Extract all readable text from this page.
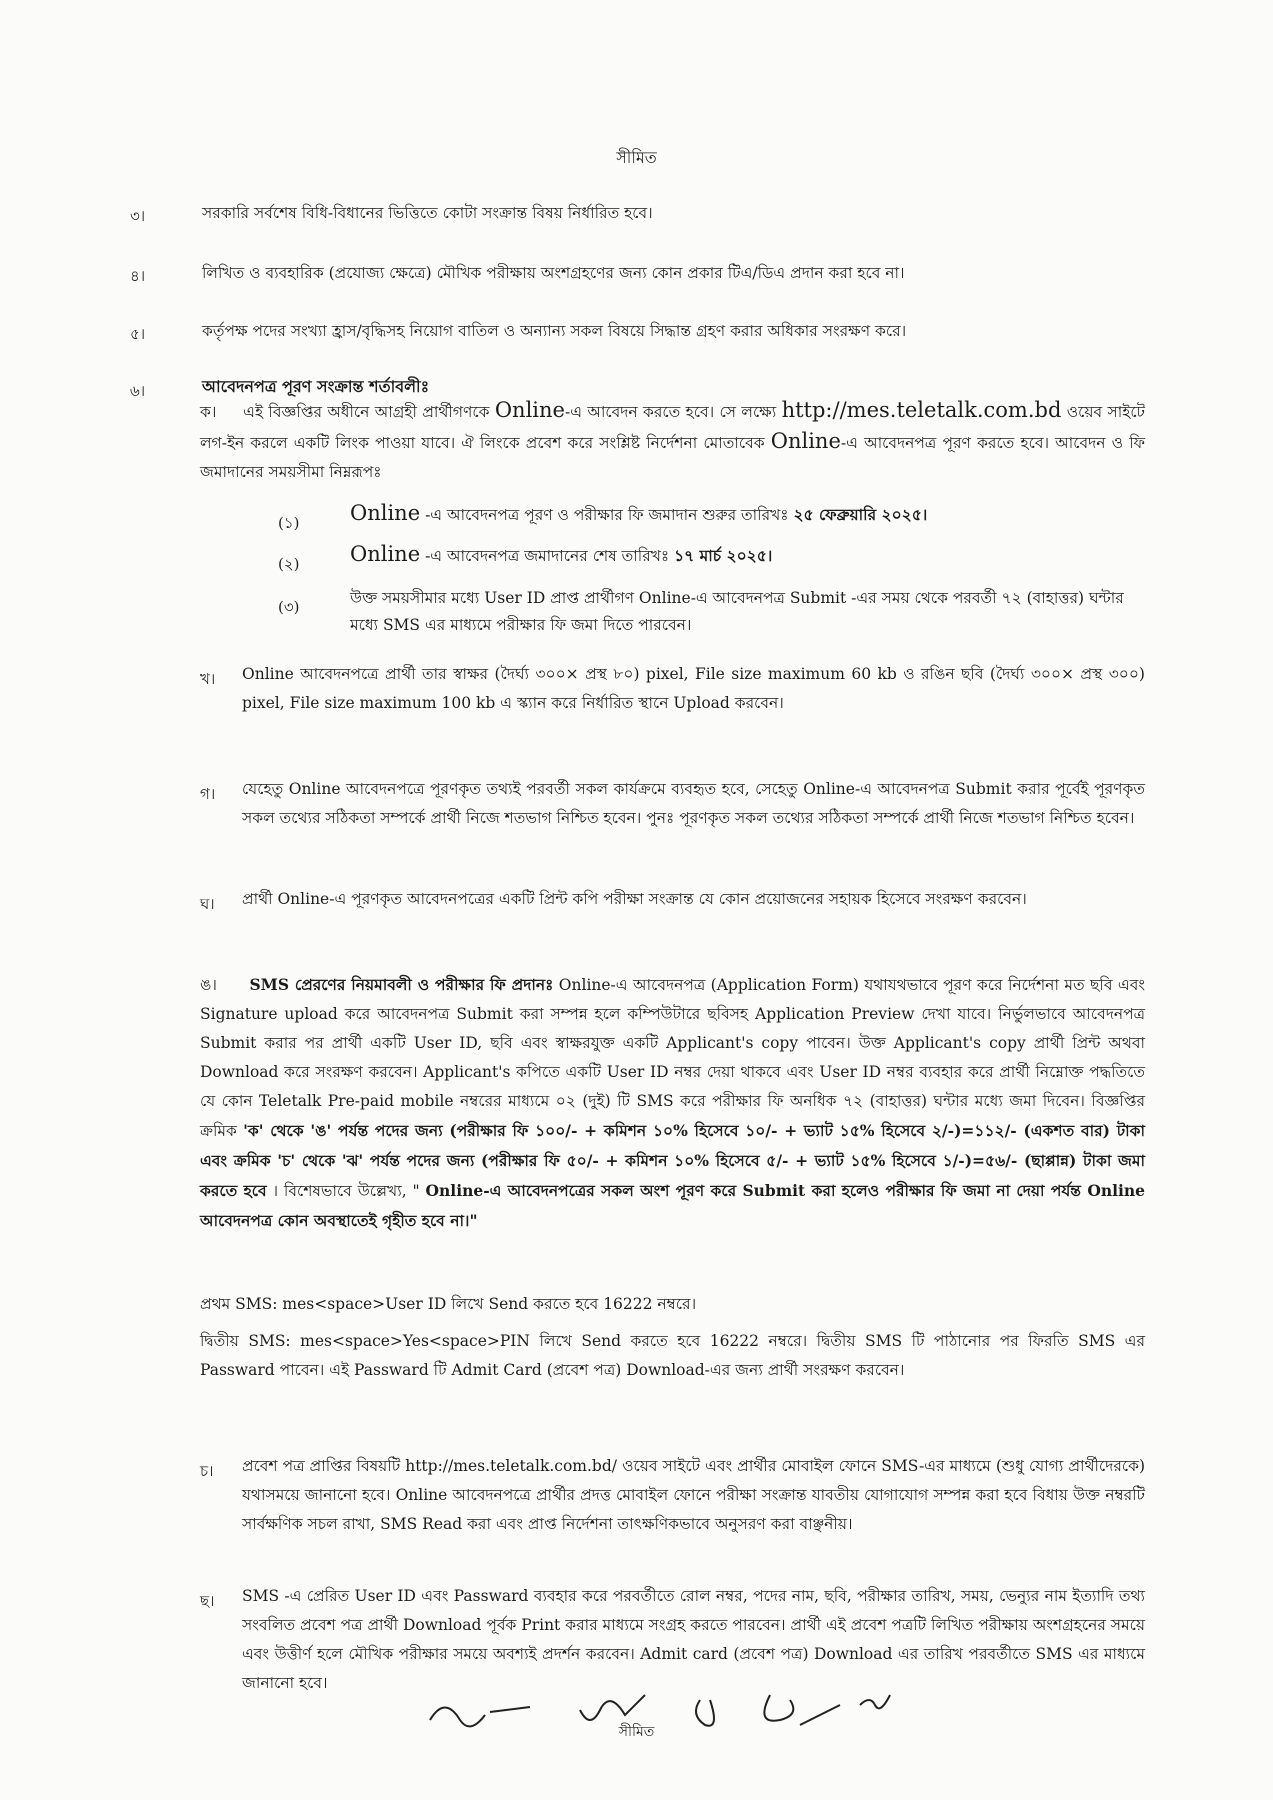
সীমিত
৩।	সরকারি সর্বশেষ বিধি-বিধানের ভিত্তিতে কোটা সংক্রান্ত বিষয় নির্ধারিত হবে।
৪।	লিখিত ও ব্যবহারিক (প্রযোজ্য ক্ষেত্রে) মৌখিক পরীক্ষায় অংশগ্রহণের জন্য কোন প্রকার টিএ/ডিএ প্রদান করা হবে না।
৫।	কর্তৃপক্ষ পদের সংখ্যা হ্রাস/বৃদ্ধিসহ নিয়োগ বাতিল ও অন্যান্য সকল বিষয়ে সিদ্ধান্ত গ্রহণ করার অধিকার সংরক্ষণ করে।
৬।	আবেদনপত্র পূরণ সংক্রান্ত শর্তাবলীঃ
ক। এই বিজ্ঞপ্তির অধীনে আগ্রহী প্রার্থীগণকে Online-এ আবেদন করতে হবে। সে লক্ষ্যে http://mes.teletalk.com.bd ওয়েব সাইটে লগ-ইন করলে একটি লিংক পাওয়া যাবে। ঐ লিংকে প্রবেশ করে সংশ্লিষ্ট নির্দেশনা মোতাবেক Online-এ আবেদনপত্র পূরণ করতে হবে। আবেদন ও ফি জমাদানের সময়সীমা নিম্নরূপঃ
(১) Online -এ আবেদনপত্র পূরণ ও পরীক্ষার ফি জমাদান শুরুর তারিখঃ ২৫ ফেব্রুয়ারি ২০২৫।
(২) Online -এ আবেদনপত্র জমাদানের শেষ তারিখঃ ১৭ মার্চ ২০২৫।
(৩)	উক্ত সময়সীমার মধ্যে User ID প্রাপ্ত প্রার্থীগণ Online-এ আবেদনপত্র Submit -এর সময় থেকে পরবর্তী ৭২ (বাহাত্তর) ঘন্টার মধ্যে SMS এর মাধ্যমে পরীক্ষার ফি জমা দিতে পারবেন।
খ। Online আবেদনপত্রে প্রার্থী তার স্বাক্ষর (দৈর্ঘ্য ৩০০× প্রস্থ ৮০) pixel, File size maximum 60 kb ও রঙিন ছবি (দৈর্ঘ্য ৩০০× প্রস্থ ৩০০) pixel, File size maximum 100 kb এ স্ক্যান করে নির্ধারিত স্থানে Upload করবেন।
গ। যেহেতু Online আবেদনপত্রে পূরণকৃত তথ্যই পরবর্তী সকল কার্যক্রমে ব্যবহৃত হবে, সেহেতু Online-এ আবেদনপত্র Submit করার পূর্বেই পূরণকৃত সকল তথ্যের সঠিকতা সম্পর্কে প্রার্থী নিজে শতভাগ নিশ্চিত হবেন। পুনঃ পূরণকৃত সকল তথ্যের সঠিকতা সম্পর্কে প্রার্থী নিজে শতভাগ নিশ্চিত হবেন।
ঘ। প্রার্থী Online-এ পূরণকৃত আবেদনপত্রের একটি প্রিন্ট কপি পরীক্ষা সংক্রান্ত যে কোন প্রয়োজনের সহায়ক হিসেবে সংরক্ষণ করবেন।
ঙ। SMS প্রেরণের নিয়মাবলী ও পরীক্ষার ফি প্রদানঃ Online-এ আবেদনপত্র (Application Form) যথাযথভাবে পূরণ করে নির্দেশনা মত ছবি এবং Signature upload করে আবেদনপত্র Submit করা সম্পন্ন হলে কম্পিউটারে ছবিসহ Application Preview দেখা যাবে। নির্ভুলভাবে আবেদনপত্র Submit করার পর প্রার্থী একটি User ID, ছবি এবং স্বাক্ষরযুক্ত একটি Applicant's copy পাবেন। উক্ত Applicant's copy প্রার্থী প্রিন্ট অথবা Download করে সংরক্ষণ করবেন। Applicant's কপিতে একটি User ID নম্বর দেয়া থাকবে এবং User ID নম্বর ব্যবহার করে প্রার্থী নিম্নোক্ত পদ্ধতিতে যে কোন Teletalk Pre-paid mobile নম্বরের মাধ্যমে ০২ (দুই) টি SMS করে পরীক্ষার ফি অনধিক ৭২ (বাহাত্তর) ঘন্টার মধ্যে জমা দিবেন। বিজ্ঞপ্তির ক্রমিক 'ক' থেকে 'ঙ' পর্যন্ত পদের জন্য (পরীক্ষার ফি ১০০/- + কমিশন ১০% হিসেবে ১০/- + ভ্যাট ১৫% হিসেবে ২/-)=১১২/- (একশত বার) টাকা এবং ক্রমিক 'চ' থেকে 'ঝ' পর্যন্ত পদের জন্য (পরীক্ষার ফি ৫০/- + কমিশন ১০% হিসেবে ৫/- + ভ্যাট ১৫% হিসেবে ১/-)=৫৬/- (ছাপ্পান্ন) টাকা জমা করতে হবে । বিশেষভাবে উল্লেখ্য, " Online-এ আবেদনপত্রের সকল অংশ পূরণ করে Submit করা হলেও পরীক্ষার ফি জমা না দেয়া পর্যন্ত Online আবেদনপত্র কোন অবস্থাতেই গৃহীত হবে না।"
প্রথম SMS: mes<space>User ID লিখে Send করতে হবে 16222 নম্বরে।
দ্বিতীয় SMS: mes<space>Yes<space>PIN লিখে Send করতে হবে 16222 নম্বরে। দ্বিতীয় SMS টি পাঠানোর পর ফিরতি SMS এর Passward পাবেন। এই Passward টি Admit Card (প্রবেশ পত্র) Download-এর জন্য প্রার্থী সংরক্ষণ করবেন।
চ। প্রবেশ পত্র প্রাপ্তির বিষয়টি http://mes.teletalk.com.bd/ ওয়েব সাইটে এবং প্রার্থীর মোবাইল ফোনে SMS-এর মাধ্যমে (শুধু যোগ্য প্রার্থীদেরকে) যথাসময়ে জানানো হবে। Online আবেদনপত্রে প্রার্থীর প্রদত্ত মোবাইল ফোনে পরীক্ষা সংক্রান্ত যাবতীয় যোগাযোগ সম্পন্ন করা হবে বিধায় উক্ত নম্বরটি সার্বক্ষণিক সচল রাখা, SMS Read করা এবং প্রাপ্ত নির্দেশনা তাৎক্ষণিকভাবে অনুসরণ করা বাঞ্ছনীয়।
ছ। SMS -এ প্রেরিত User ID এবং Passward ব্যবহার করে পরবর্তীতে রোল নম্বর, পদের নাম, ছবি, পরীক্ষার তারিখ, সময়, ভেন্যুর নাম ইত্যাদি তথ্য সংবলিত প্রবেশ পত্র প্রার্থী Download পূর্বক Print করার মাধ্যমে সংগ্রহ করতে পারবেন। প্রার্থী এই প্রবেশ পত্রটি লিখিত পরীক্ষায় অংশগ্রহনের সময়ে এবং উত্তীর্ণ হলে মৌখিক পরীক্ষার সময়ে অবশ্যই প্রদর্শন করবেন। Admit card (প্রবেশ পত্র) Download এর তারিখ পরবর্তীতে SMS এর মাধ্যমে জানানো হবে।
সীমিত
